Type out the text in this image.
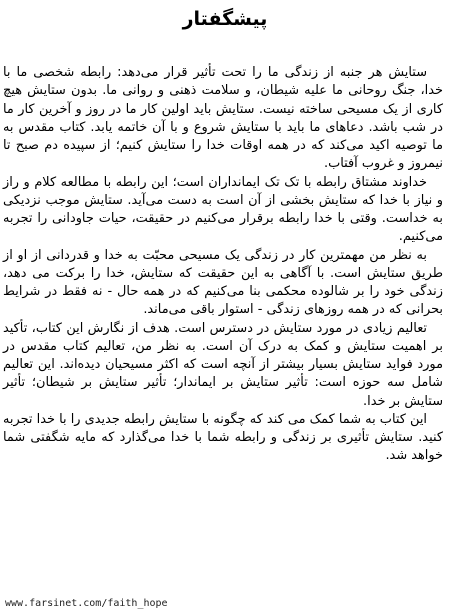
پیشگفتار

ستایش هر جنبه از زندگی ما را تحت تأثیر قرار می‌دهد: رابطه شخصی ما با خدا، جنگ روحانی ما علیه شیطان، و سلامت ذهنی و روانی ما. بدون ستایش هیچ کاری از یک مسیحی ساخته نیست. ستایش باید اولین کار ما در روز و آخرین کار ما در شب باشد. دعاهای ما باید با ستایش شروع و با آن خاتمه یابد. کتاب مقدس به ما توصیه اکید می‌کند که در همه اوقات خدا را ستایش کنیم؛ از سپیده دم صبح تا نیمروز و غروب آفتاب.

خداوند مشتاق رابطه با تک تک ایمانداران است؛ این رابطه با مطالعه کلام و راز و نیاز با خدا که ستایش بخشی از آن است به دست می‌آید. ستایش موجب نزدیکی به خداست. وقتی با خدا رابطه برقرار می‌کنیم در حقیقت، حیات جاودانی را تجربه می‌کنیم.

به نظر من مهمترین کار در زندگی یک مسیحی محبّت به خدا و قدردانی از او از طریق ستایش است. با آگاهی به این حقیقت که ستایش، خدا را برکت می دهد، زندگی خود را بر شالوده محکمی بنا می‌کنیم که در همه حال - نه فقط در شرایط بحرانی که در همه روزهای زندگی - استوار باقی می‌ماند.

تعالیم زیادی در مورد ستایش در دسترس است. هدف از نگارش این کتاب، تأکید بر اهمیت ستایش و کمک به درک آن است. به نظر من، تعالیم کتاب مقدس در مورد فواید ستایش بسیار بیشتر از آنچه است که اکثر مسیحیان دیده‌اند. این تعالیم شامل سه حوزه است: تأثیر ستایش بر ایماندار؛ تأثیر ستایش بر شیطان؛ تأثیر ستایش بر خدا.

این کتاب به شما کمک می کند که چگونه با ستایش رابطه جدیدی را با خدا تجربه کنید. ستایش تأثیری بر زندگی و رابطه شما با خدا می‌گذارد که مایه شگفتی شما خواهد شد.

www.farsinet.com/faith_hope
